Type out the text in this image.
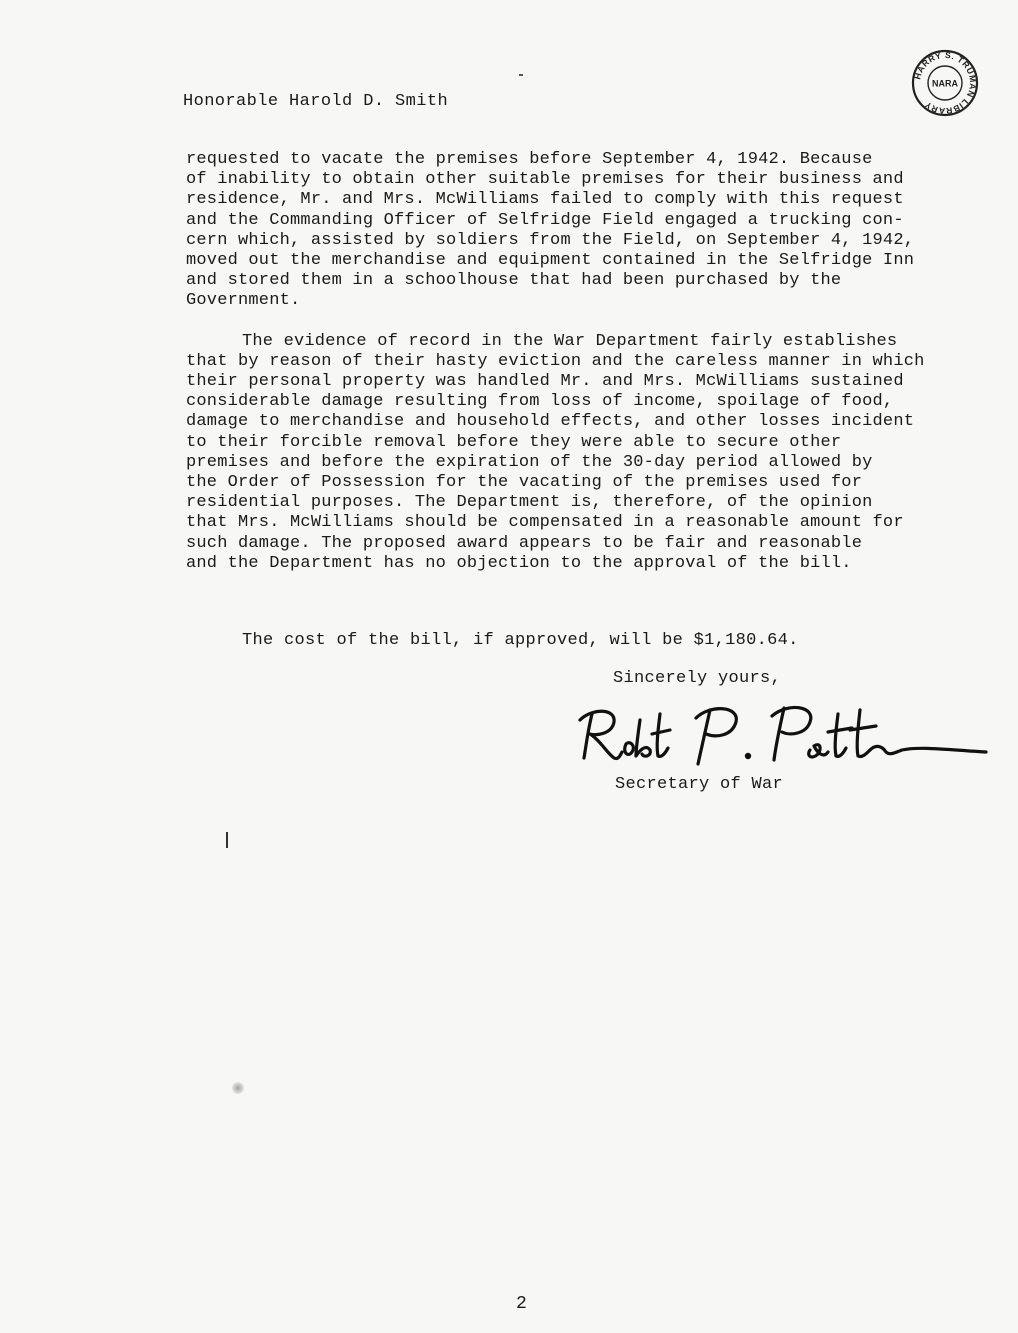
Honorable Harold D. Smith
HARRY S. TRUMAN LIBRARY
NARA

requested to vacate the premises before September 4, 1942. Because
of inability to obtain other suitable premises for their business and
residence, Mr. and Mrs. McWilliams failed to comply with this request
and the Commanding Officer of Selfridge Field engaged a trucking con-
cern which, assisted by soldiers from the Field, on September 4, 1942,
moved out the merchandise and equipment contained in the Selfridge Inn
and stored them in a schoolhouse that had been purchased by the
Government.

The evidence of record in the War Department fairly establishes
that by reason of their hasty eviction and the careless manner in which
their personal property was handled Mr. and Mrs. McWilliams sustained
considerable damage resulting from loss of income, spoilage of food,
damage to merchandise and household effects, and other losses incident
to their forcible removal before they were able to secure other
premises and before the expiration of the 30-day period allowed by
the Order of Possession for the vacating of the premises used for
residential purposes. The Department is, therefore, of the opinion
that Mrs. McWilliams should be compensated in a reasonable amount for
such damage. The proposed award appears to be fair and reasonable
and the Department has no objection to the approval of the bill.

The cost of the bill, if approved, will be $1,180.64.
Sincerely yours,
Secretary of War
2
